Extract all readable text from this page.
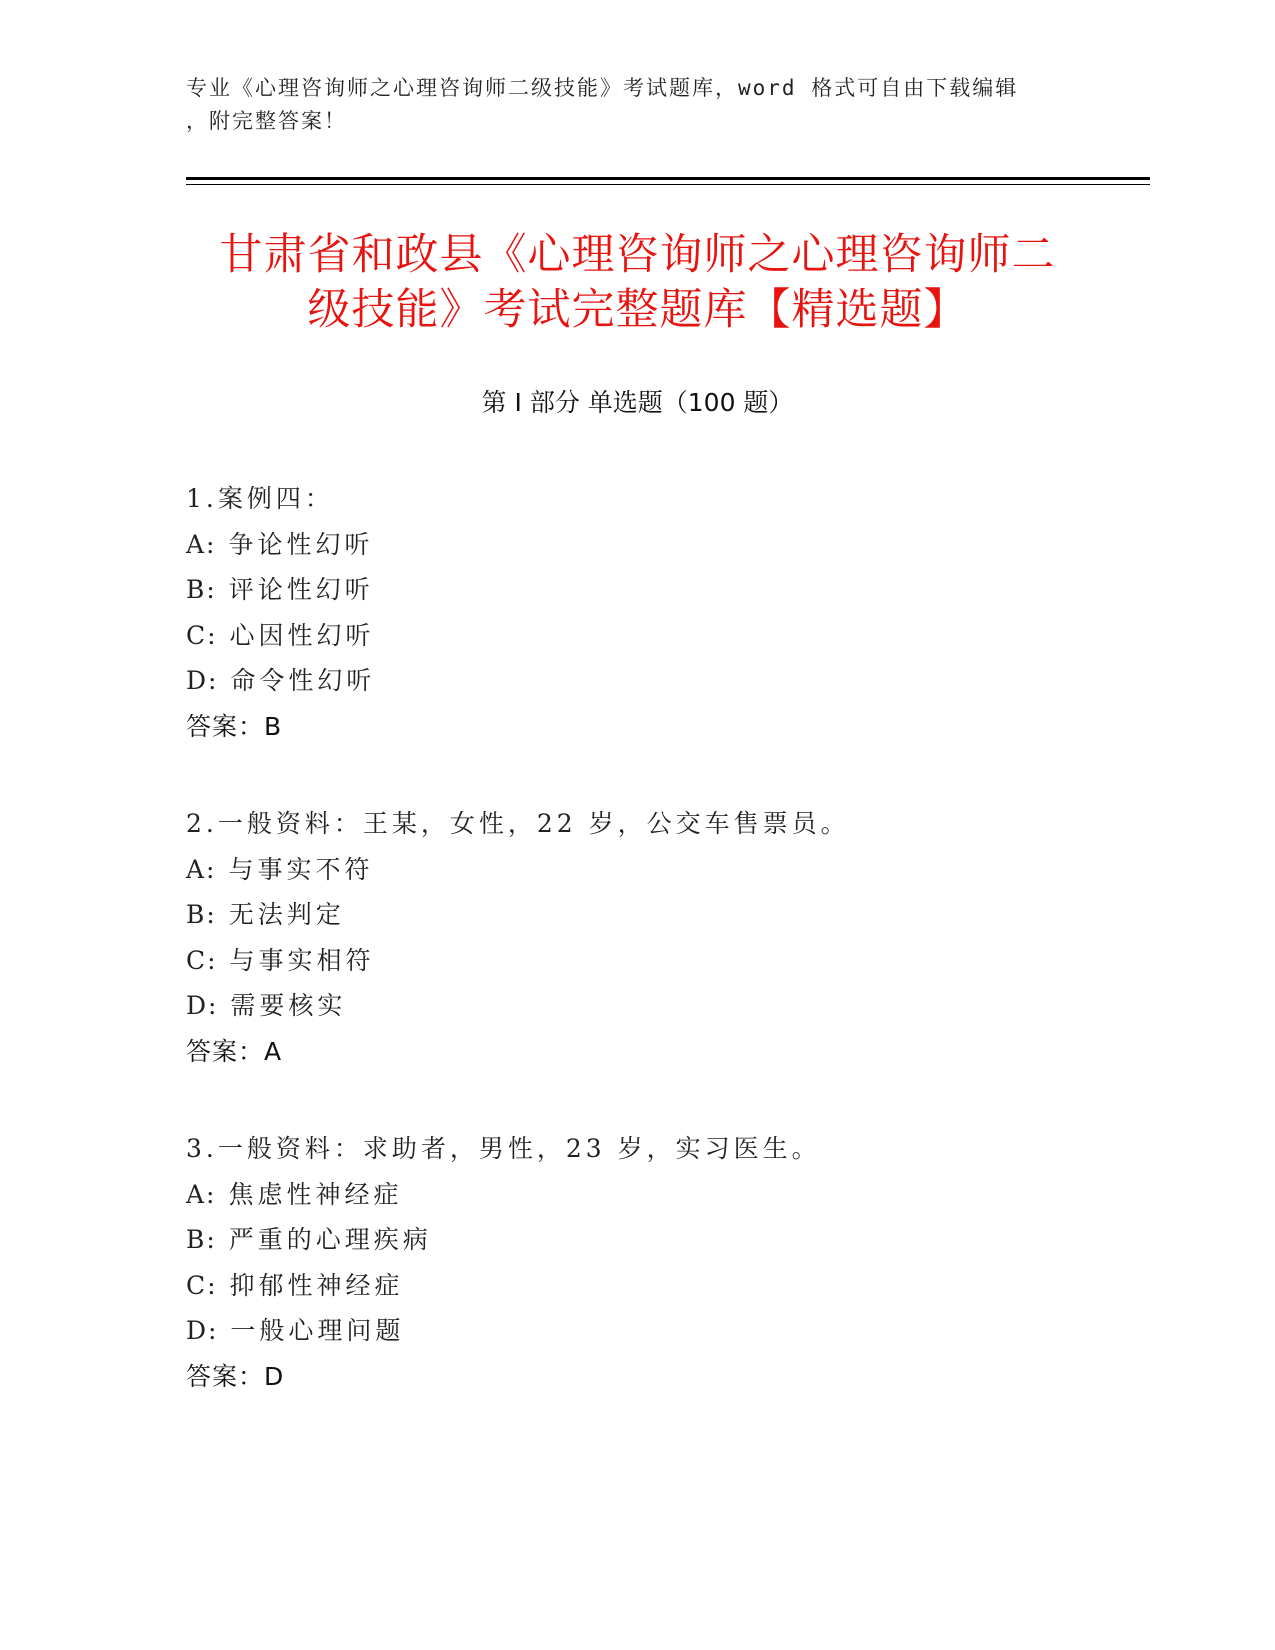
专业《心理咨询师之心理咨询师二级技能》考试题库，word 格式可自由下载编辑
，附完整答案！
甘肃省和政县《心理咨询师之心理咨询师二
级技能》考试完整题库【精选题】
第 I 部分 单选题（100 题）
1.案例四：
A: 争论性幻听
B: 评论性幻听
C: 心因性幻听
D: 命令性幻听
答案：B
2.一般资料：王某，女性，22 岁，公交车售票员。
A: 与事实不符
B: 无法判定
C: 与事实相符
D: 需要核实
答案：A
3.一般资料：求助者，男性，23 岁，实习医生。
A: 焦虑性神经症
B: 严重的心理疾病
C: 抑郁性神经症
D: 一般心理问题
答案：D
